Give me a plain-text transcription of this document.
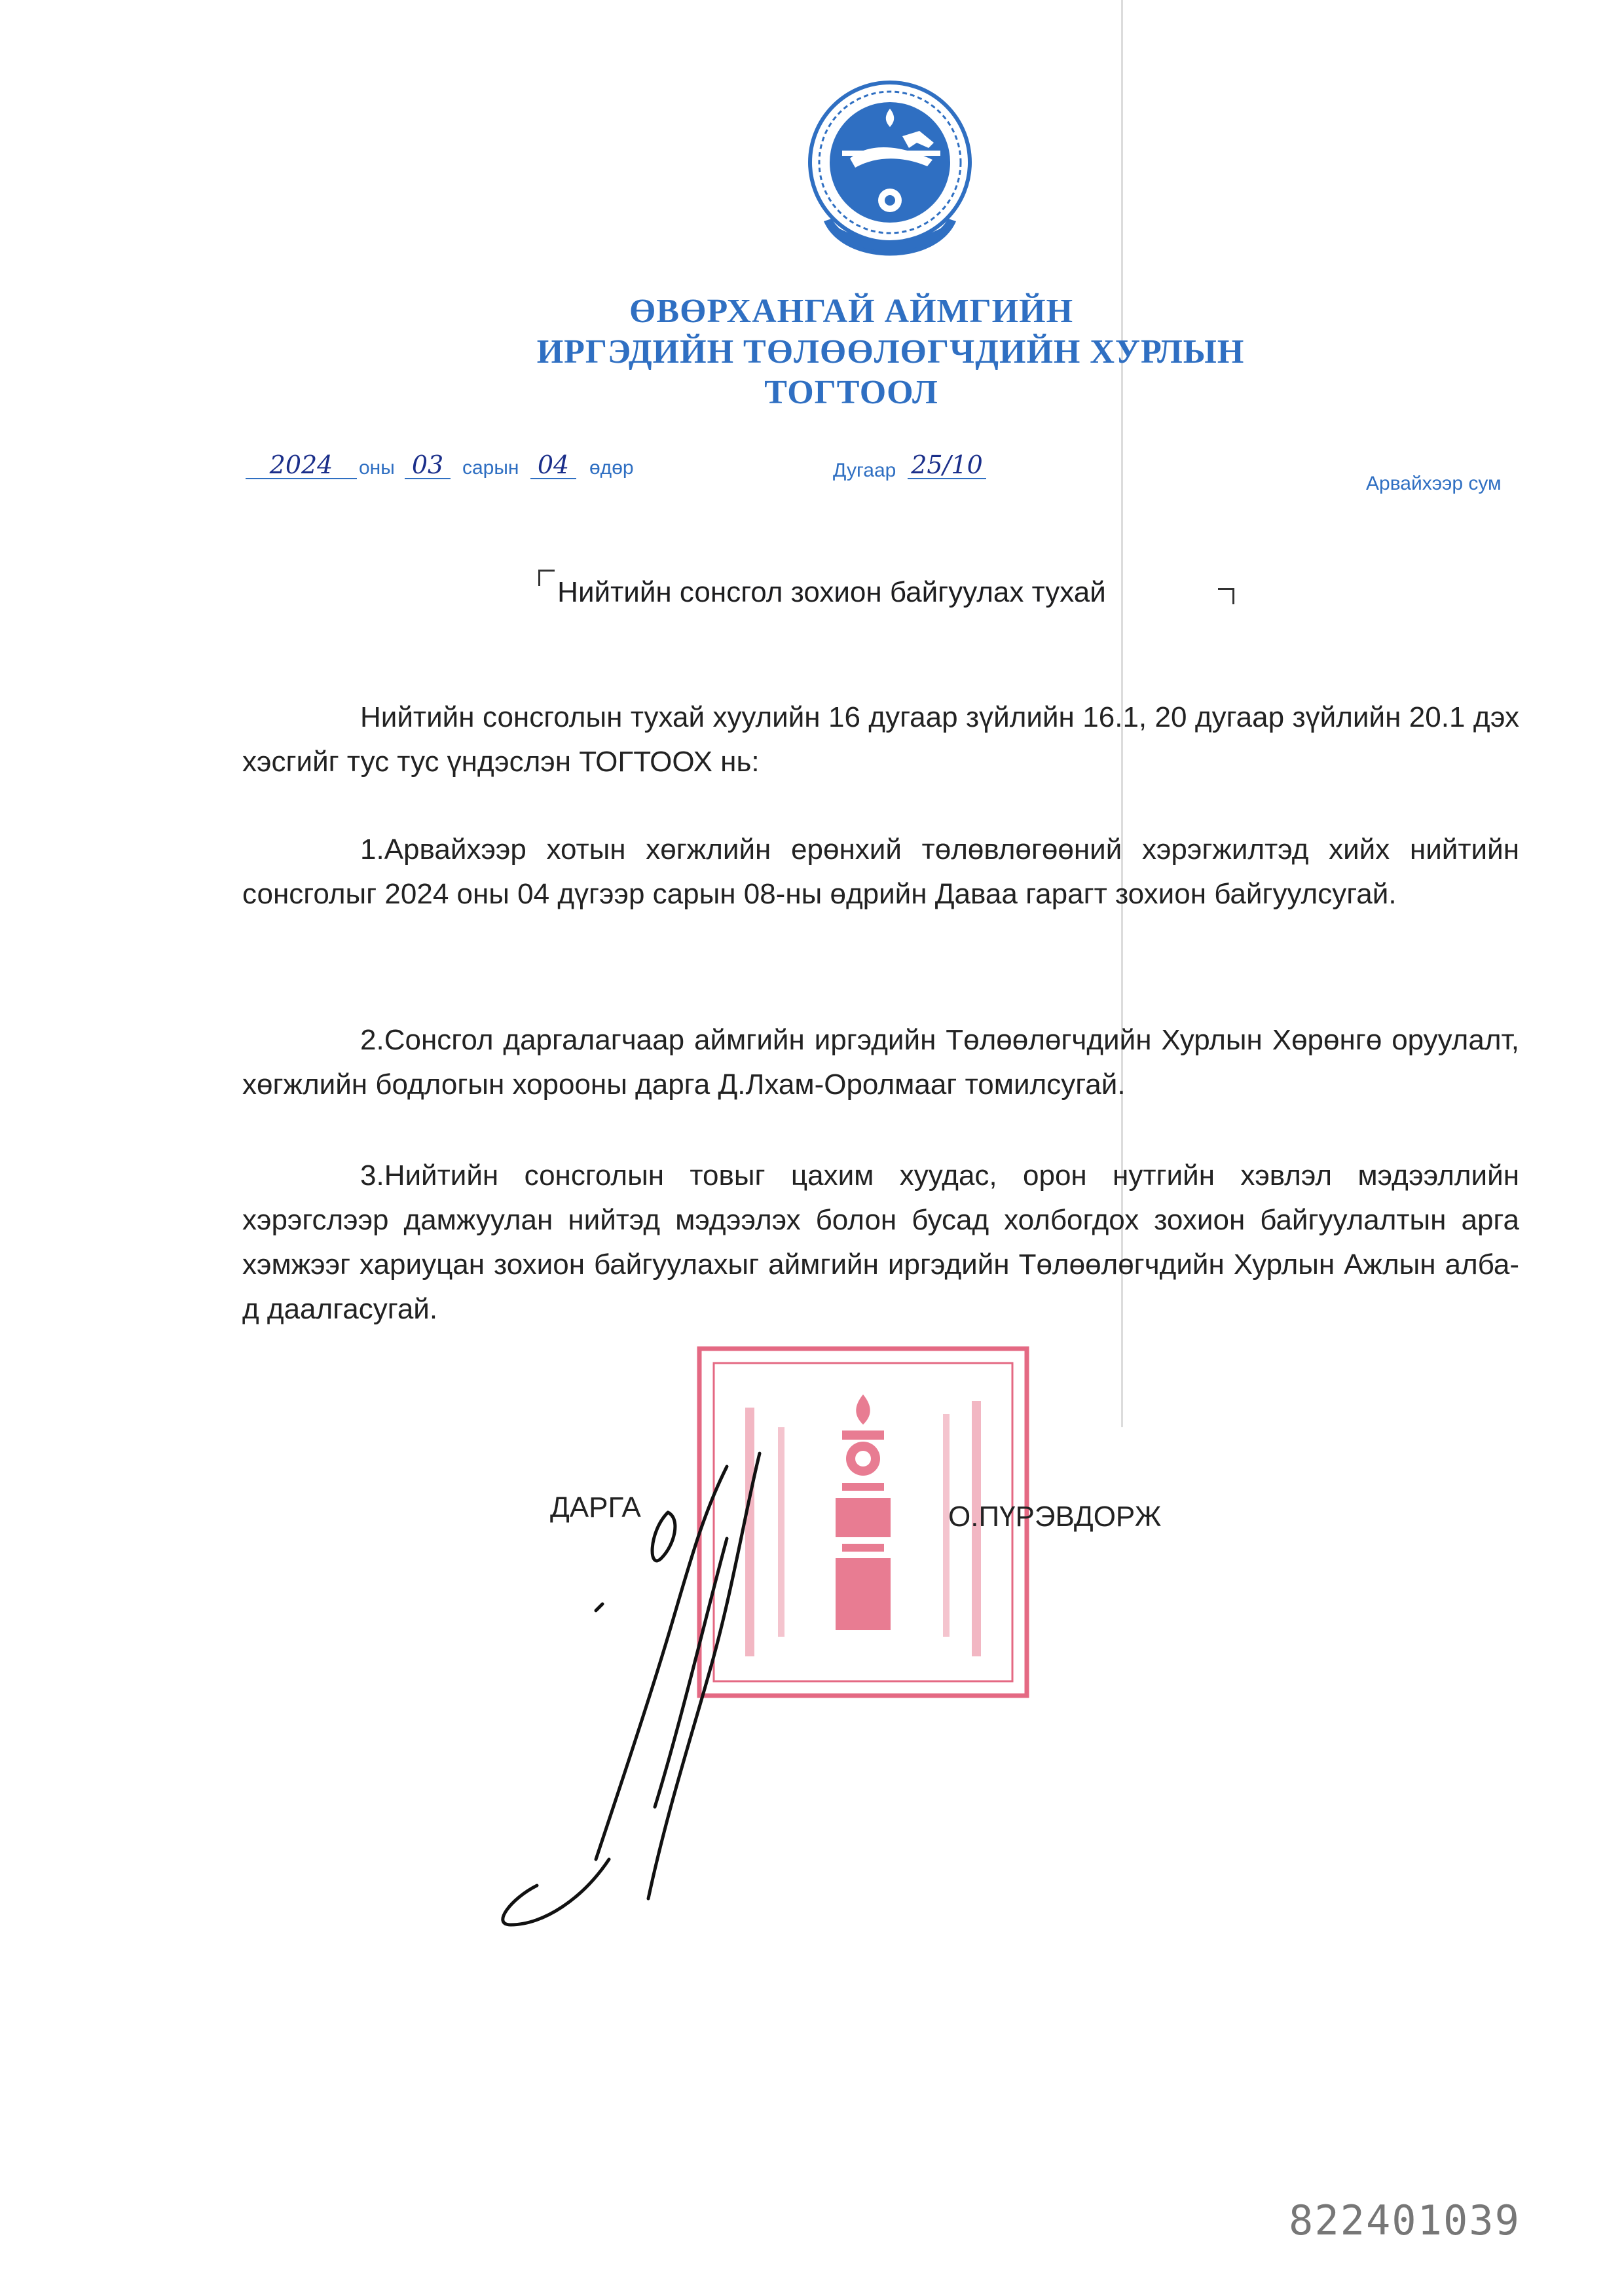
ӨВӨРХАНГАЙ АЙМГИЙН
ИРГЭДИЙН ТӨЛӨӨЛӨГЧДИЙН ХУРЛЫН
ТОГТООЛ
2024	оны 03 сарын 04	өдөр	Дугаар 25/10
Арвайхээр сум
Нийтийн сонсгол зохион байгуулах тухай

Нийтийн сонсголын тухай хуулийн 16 дугаар зүйлийн 16.1, 20 дугаар зүйлийн 20.1 дэх хэсгийг тус тус үндэслэн ТОГТООХ нь:

1.Арвайхээр хотын хөгжлийн ерөнхий төлөвлөгөөний хэрэгжилтэд хийх нийтийн сонсголыг 2024 оны 04 дүгээр сарын 08-ны өдрийн Даваа гарагт зохион байгуулсугай.

2.Сонсгол даргалагчаар аймгийн иргэдийн Төлөөлөгчдийн Хурлын Хөрөнгө оруулалт, хөгжлийн бодлогын хорооны дарга Д.Лхам-Оролмааг томилсугай.

3.Нийтийн сонсголын товыг цахим хуудас, орон нутгийн хэвлэл мэдээллийн хэрэгслээр дамжуулан нийтэд мэдээлэх болон бусад холбогдох зохион байгуулалтын арга хэмжээг хариуцан зохион байгуулахыг аймгийн иргэдийн Төлөөлөгчдийн Хурлын Ажлын алба-д даалгасугай.

ДАРГА	О.ПҮРЭВДОРЖ
822401039
